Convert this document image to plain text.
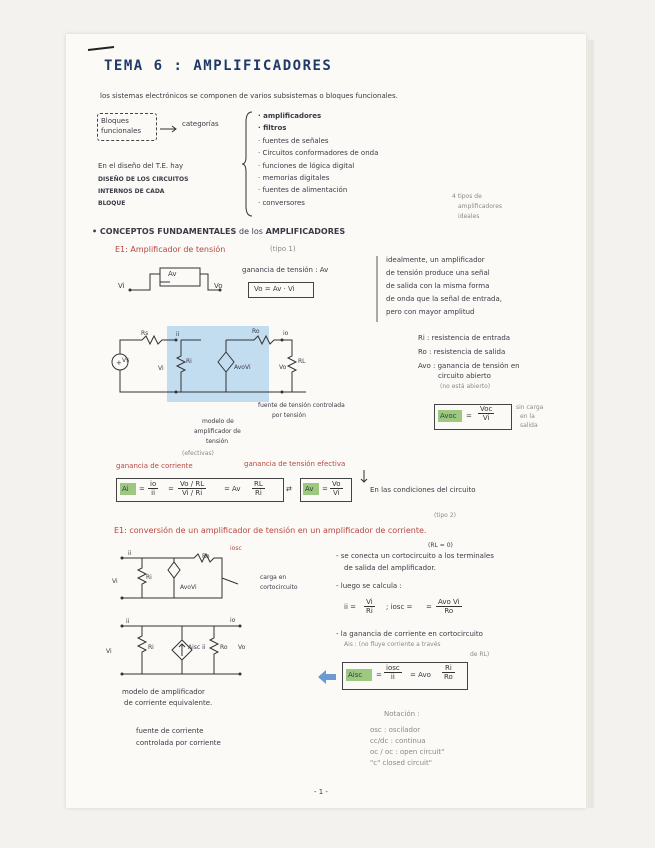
TEMA 6 : AMPLIFICADORES
los sistemas electrónicos se componen de varios subsistemas o bloques funcionales.
Bloques funcionales
categorías
En el diseño del T.E. hay
DISEÑO DE LOS CIRCUITOS
INTERNOS DE CADA
BLOQUE
4 tipos de
amplificadores
ideales
• CONCEPTOS FUNDAMENTALES de los AMPLIFICADORES
E1: Amplificador de tensión	(tipo 1)
Av
Vi	Vo
ganancia de tensión : Av
Vo = Av · Vi
+
Rs	ii	Ro	io
Vs
Vi
Ri
AvoVi	Vo
RL
modelo de
amplificador de
tensión
fuente de tensión controlada
por tensión
Ri : resistencia de entrada
Ro : resistencia de salida
Avo : ganancia de tensión en
circuito abierto
(no está abierto)
Avoc =
Voc
Vi
sin carga
en la
salida
(efectivas)
ganancia de corriente	ganancia de tensión efectiva
$Ai = \frac{io}{ii} = \frac{Vo / RL}{Vi / Ri}$	= Av $\frac{RL}{Ri}$	⇄ $Av = \frac{Vo}{Vi}$	En las condiciones del circuito
(tipo 2)
E1: conversión de un amplificador de tensión en un amplificador de corriente.
(RL = 0)
- se conecta un cortocircuito a los terminales
de salida del amplificador.
- luego se calcula :
ii = $\frac{Vi}{Ri}$ ; iosc = =
Avo Vi
Ro
- la ganancia de corriente en cortocircuito
Ais : (no fluye corriente a través
de RL)
Aisc =
iosc
ii	= Avo $\frac{Ri}{Ro}$
ii
Vi
Ri
AvoVi
Ro
iosc
carga en
cortocircuito
ii
Vi
Ri	Aisc ii Ro Vo
io
modelo de amplificador
de corriente equivalente.
fuente de corriente
controlada por corriente
Notación :
- 1 -
· amplificadores
· filtros
· fuentes de señales
· Circuitos conformadores de onda
· funciones de lógica digital
· memorias digitales
· fuentes de alimentación
· conversores
idealmente, un amplificador
de tensión produce una señal
de salida con la misma forma
de onda que la señal de entrada,
pero con mayor amplitud
osc : oscilador
cc/dc : continua
oc / oc : open circuit"
"c" closed circuit"
